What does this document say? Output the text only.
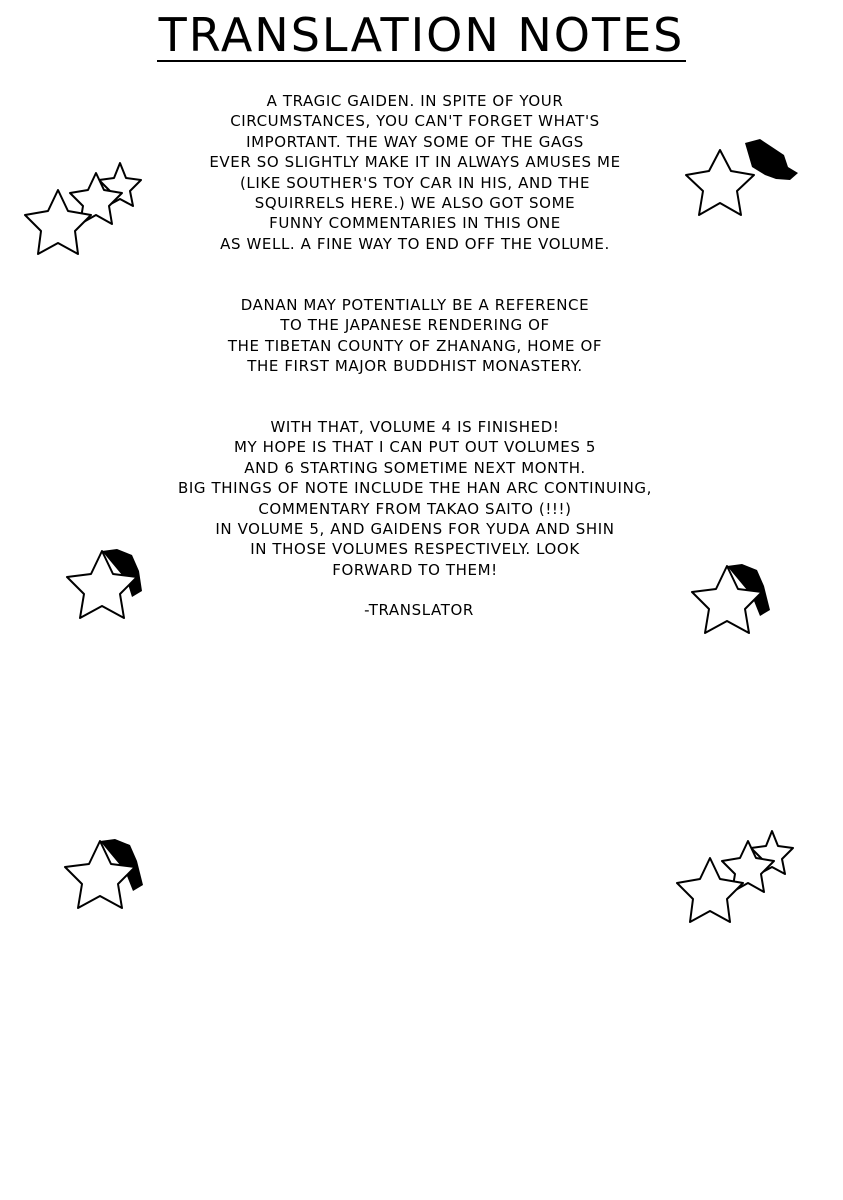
TRANSLATION NOTES
A TRAGIC GAIDEN. IN SPITE OF YOUR
CIRCUMSTANCES, YOU CAN'T FORGET WHAT'S
IMPORTANT. THE WAY SOME OF THE GAGS
EVER SO SLIGHTLY MAKE IT IN ALWAYS AMUSES ME
(LIKE SOUTHER'S TOY CAR IN HIS, AND THE
SQUIRRELS HERE.) WE ALSO GOT SOME
FUNNY COMMENTARIES IN THIS ONE
AS WELL. A FINE WAY TO END OFF THE VOLUME.
DANAN MAY POTENTIALLY BE A REFERENCE
TO THE JAPANESE RENDERING OF
THE TIBETAN COUNTY OF ZHANANG, HOME OF
THE FIRST MAJOR BUDDHIST MONASTERY.
WITH THAT, VOLUME 4 IS FINISHED!
MY HOPE IS THAT I CAN PUT OUT VOLUMES 5
AND 6 STARTING SOMETIME NEXT MONTH.
BIG THINGS OF NOTE INCLUDE THE HAN ARC CONTINUING,
COMMENTARY FROM TAKAO SAITO (!!!)
IN VOLUME 5, AND GAIDENS FOR YUDA AND SHIN
IN THOSE VOLUMES RESPECTIVELY. LOOK
FORWARD TO THEM!
-TRANSLATOR
